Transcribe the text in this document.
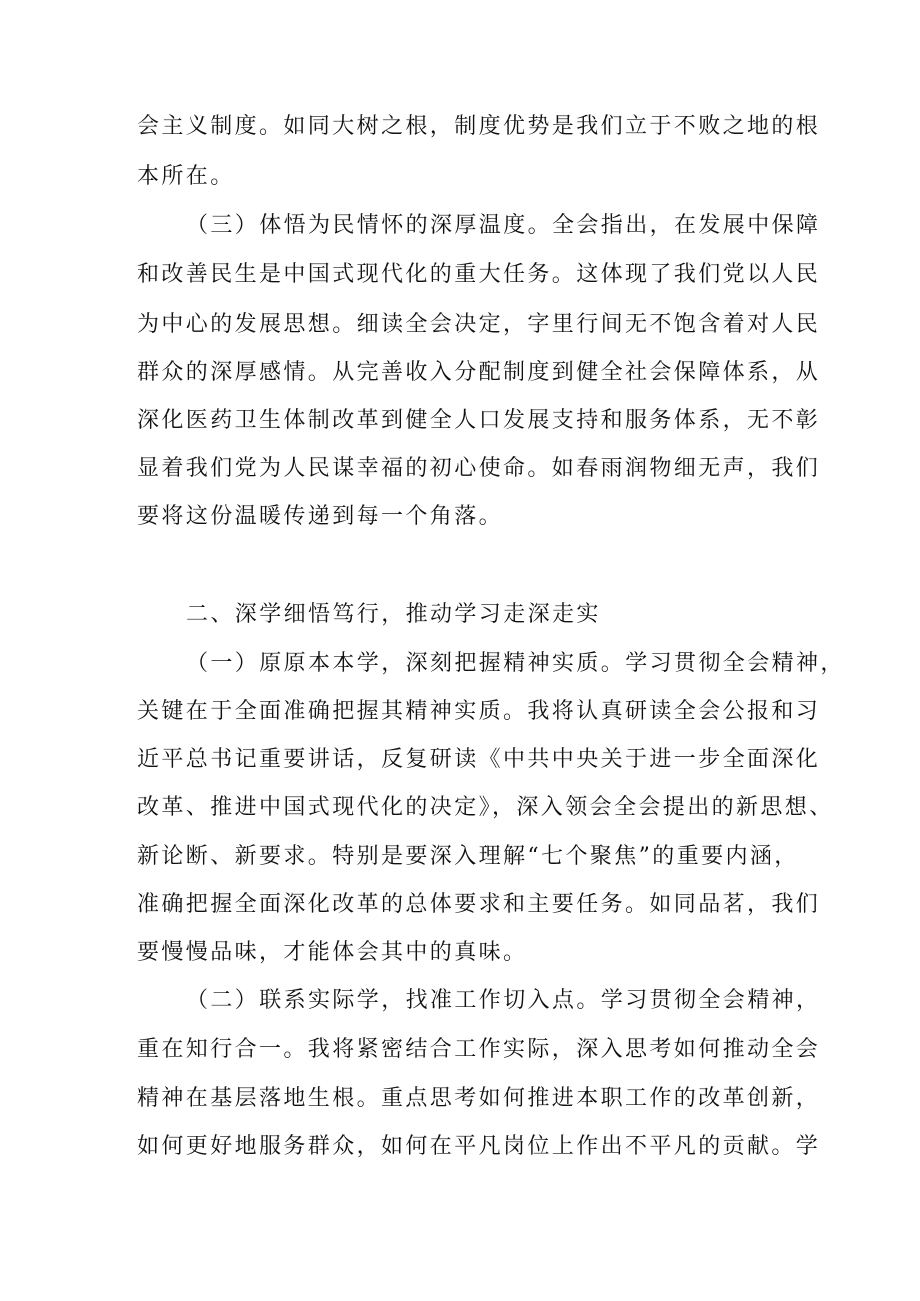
会主义制度。如同大树之根，制度优势是我们立于不败之地的根
本所在。
（三）体悟为民情怀的深厚温度。全会指出，在发展中保障
和改善民生是中国式现代化的重大任务。这体现了我们党以人民
为中心的发展思想。细读全会决定，字里行间无不饱含着对人民
群众的深厚感情。从完善收入分配制度到健全社会保障体系，从
深化医药卫生体制改革到健全人口发展支持和服务体系，无不彰
显着我们党为人民谋幸福的初心使命。如春雨润物细无声，我们
要将这份温暖传递到每一个角落。
二、深学细悟笃行，推动学习走深走实
（一）原原本本学，深刻把握精神实质。学习贯彻全会精神，
关键在于全面准确把握其精神实质。我将认真研读全会公报和习
近平总书记重要讲话，反复研读《中共中央关于进一步全面深化
改革、推进中国式现代化的决定》，深入领会全会提出的新思想、
新论断、新要求。特别是要深入理解“七个聚焦”的重要内涵，
准确把握全面深化改革的总体要求和主要任务。如同品茗，我们
要慢慢品味，才能体会其中的真味。
（二）联系实际学，找准工作切入点。学习贯彻全会精神，
重在知行合一。我将紧密结合工作实际，深入思考如何推动全会
精神在基层落地生根。重点思考如何推进本职工作的改革创新，
如何更好地服务群众，如何在平凡岗位上作出不平凡的贡献。学
